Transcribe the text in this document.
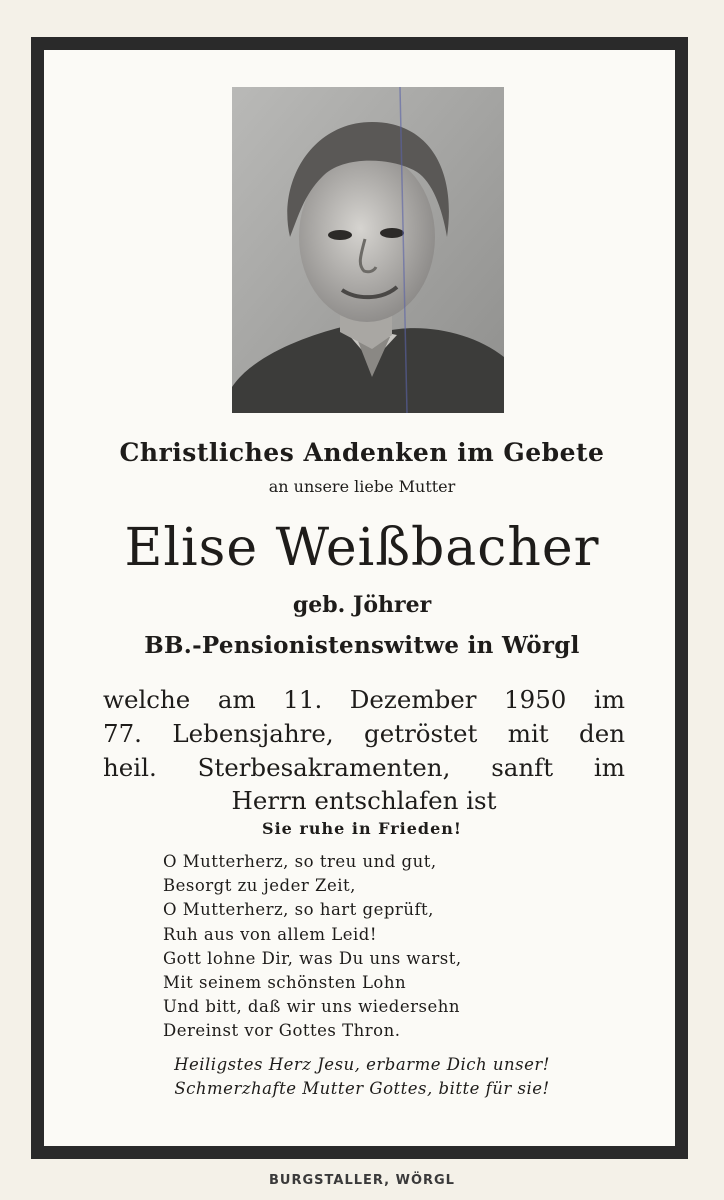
Christliches Andenken im Gebete
an unsere liebe Mutter
Elise Weißbacher
geb. Jöhrer
BB.-Pensionistenswitwe in Wörgl
welche am 11. Dezember 1950 im
77. Lebensjahre, getröstet mit den
heil. Sterbesakramenten, sanft im
Herrn entschlafen ist
Sie ruhe in Frieden!
O Mutterherz, so treu und gut,
Besorgt zu jeder Zeit,
O Mutterherz, so hart geprüft,
Ruh aus von allem Leid!
Gott lohne Dir, was Du uns warst,
Mit seinem schönsten Lohn
Und bitt, daß wir uns wiedersehn
Dereinst vor Gottes Thron.
Heiligstes Herz Jesu, erbarme Dich unser!
Schmerzhafte Mutter Gottes, bitte für sie!
BURGSTALLER, WÖRGL
